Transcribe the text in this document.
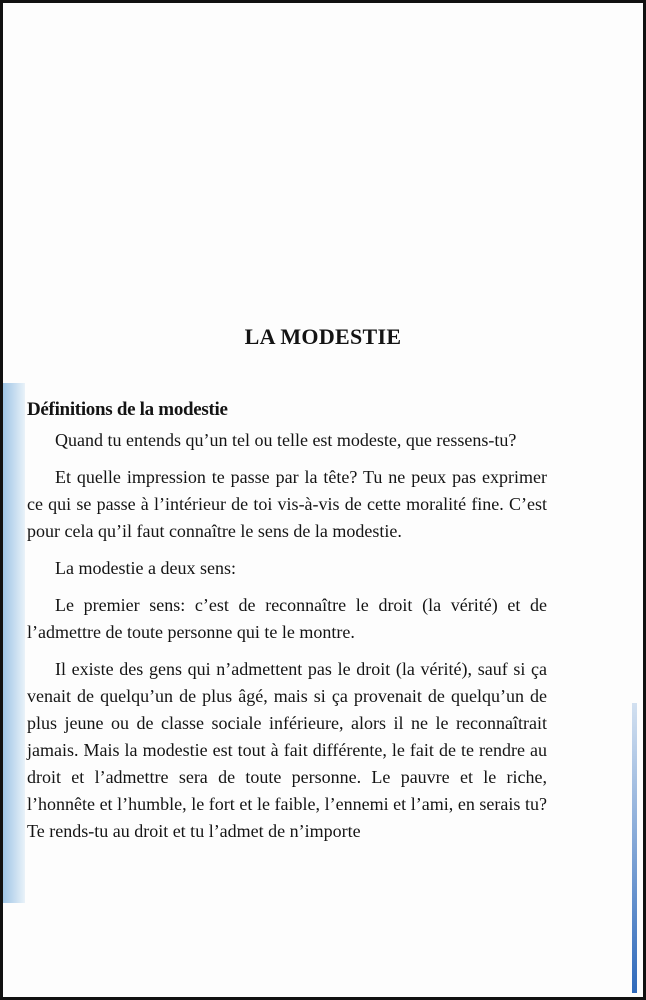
LA MODESTIE
Définitions de la modestie

Quand tu entends qu’un tel ou telle est modeste, que ressens-tu?

Et quelle impression te passe par la tête? Tu ne peux pas exprimer ce qui se passe à l’intérieur de toi vis-à-vis de cette moralité fine. C’est pour cela qu’il faut connaître le sens de la modestie.

La modestie a deux sens:

Le premier sens: c’est de reconnaître le droit (la vérité) et de l’admettre de toute personne qui te le montre.

Il existe des gens qui n’admettent pas le droit (la vérité), sauf si ça venait de quelqu’un de plus âgé, mais si ça provenait de quelqu’un de plus jeune ou de classe sociale inférieure, alors il ne le reconnaîtrait jamais. Mais la modestie est tout à fait différente, le fait de te rendre au droit et l’admettre sera de toute personne. Le pauvre et le riche, l’honnête et l’humble, le fort et le faible, l’ennemi et l’ami, en serais tu? Te rends-tu au droit et tu l’admet de n’importe
